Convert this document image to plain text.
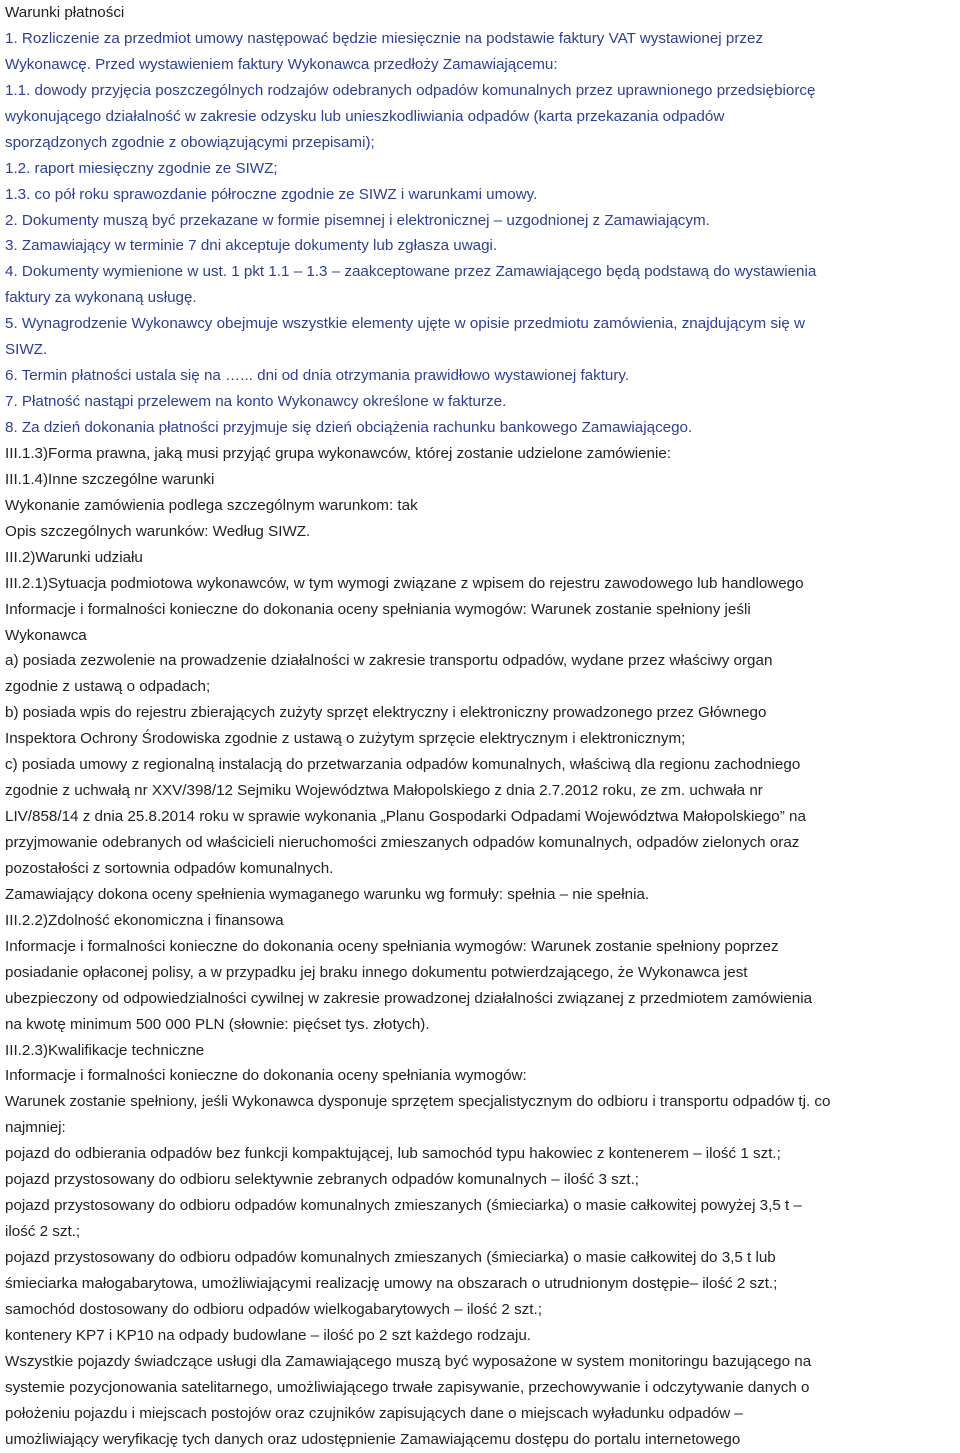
Warunki płatności
1. Rozliczenie za przedmiot umowy następować będzie miesięcznie na podstawie faktury VAT wystawionej przez
Wykonawcę. Przed wystawieniem faktury Wykonawca przedłoży Zamawiającemu:
1.1. dowody przyjęcia poszczególnych rodzajów odebranych odpadów komunalnych przez uprawnionego przedsiębiorcę
wykonującego działalność w zakresie odzysku lub unieszkodliwiania odpadów (karta przekazania odpadów
sporządzonych zgodnie z obowiązującymi przepisami);
1.2. raport miesięczny zgodnie ze SIWZ;
1.3. co pół roku sprawozdanie półroczne zgodnie ze SIWZ i warunkami umowy.
2. Dokumenty muszą być przekazane w formie pisemnej i elektronicznej – uzgodnionej z Zamawiającym.
3. Zamawiający w terminie 7 dni akceptuje dokumenty lub zgłasza uwagi.
4. Dokumenty wymienione w ust. 1 pkt 1.1 – 1.3 – zaakceptowane przez Zamawiającego będą podstawą do wystawienia
faktury za wykonaną usługę.
5. Wynagrodzenie Wykonawcy obejmuje wszystkie elementy ujęte w opisie przedmiotu zamówienia, znajdującym się w
SIWZ.
6. Termin płatności ustala się na …... dni od dnia otrzymania prawidłowo wystawionej faktury.
7. Płatność nastąpi przelewem na konto Wykonawcy określone w fakturze.
8. Za dzień dokonania płatności przyjmuje się dzień obciążenia rachunku bankowego Zamawiającego.
III.1.3)Forma prawna, jaką musi przyjąć grupa wykonawców, której zostanie udzielone zamówienie:
III.1.4)Inne szczególne warunki
Wykonanie zamówienia podlega szczególnym warunkom: tak
Opis szczególnych warunków: Według SIWZ.
III.2)Warunki udziału
III.2.1)Sytuacja podmiotowa wykonawców, w tym wymogi związane z wpisem do rejestru zawodowego lub handlowego
Informacje i formalności konieczne do dokonania oceny spełniania wymogów: Warunek zostanie spełniony jeśli
Wykonawca
a) posiada zezwolenie na prowadzenie działalności w zakresie transportu odpadów, wydane przez właściwy organ
zgodnie z ustawą o odpadach;
b) posiada wpis do rejestru zbierających zużyty sprzęt elektryczny i elektroniczny prowadzonego przez Głównego
Inspektora Ochrony Środowiska zgodnie z ustawą o zużytym sprzęcie elektrycznym i elektronicznym;
c) posiada umowy z regionalną instalacją do przetwarzania odpadów komunalnych, właściwą dla regionu zachodniego
zgodnie z uchwałą nr XXV/398/12 Sejmiku Województwa Małopolskiego z dnia 2.7.2012 roku, ze zm. uchwała nr
LIV/858/14 z dnia 25.8.2014 roku w sprawie wykonania „Planu Gospodarki Odpadami Województwa Małopolskiego” na
przyjmowanie odebranych od właścicieli nieruchomości zmieszanych odpadów komunalnych, odpadów zielonych oraz
pozostałości z sortownia odpadów komunalnych.
Zamawiający dokona oceny spełnienia wymaganego warunku wg formuły: spełnia – nie spełnia.
III.2.2)Zdolność ekonomiczna i finansowa
Informacje i formalności konieczne do dokonania oceny spełniania wymogów: Warunek zostanie spełniony poprzez
posiadanie opłaconej polisy, a w przypadku jej braku innego dokumentu potwierdzającego, że Wykonawca jest
ubezpieczony od odpowiedzialności cywilnej w zakresie prowadzonej działalności związanej z przedmiotem zamówienia
na kwotę minimum 500 000 PLN (słownie: pięćset tys. złotych).
III.2.3)Kwalifikacje techniczne
Informacje i formalności konieczne do dokonania oceny spełniania wymogów:
Warunek zostanie spełniony, jeśli Wykonawca dysponuje sprzętem specjalistycznym do odbioru i transportu odpadów tj. co
najmniej:
pojazd do odbierania odpadów bez funkcji kompaktującej, lub samochód typu hakowiec z kontenerem – ilość 1 szt.;
pojazd przystosowany do odbioru selektywnie zebranych odpadów komunalnych – ilość 3 szt.;
pojazd przystosowany do odbioru odpadów komunalnych zmieszanych (śmieciarka) o masie całkowitej powyżej 3,5 t –
ilość 2 szt.;
pojazd przystosowany do odbioru odpadów komunalnych zmieszanych (śmieciarka) o masie całkowitej do 3,5 t lub
śmieciarka małogabarytowa, umożliwiającymi realizację umowy na obszarach o utrudnionym dostępie– ilość 2 szt.;
samochód dostosowany do odbioru odpadów wielkogabarytowych – ilość 2 szt.;
kontenery KP7 i KP10 na odpady budowlane – ilość po 2 szt każdego rodzaju.
Wszystkie pojazdy świadczące usługi dla Zamawiającego muszą być wyposażone w system monitoringu bazującego na
systemie pozycjonowania satelitarnego, umożliwiającego trwałe zapisywanie, przechowywanie i odczytywanie danych o
położeniu pojazdu i miejscach postojów oraz czujników zapisujących dane o miejscach wyładunku odpadów –
umożliwiający weryfikację tych danych oraz udostępnienie Zamawiającemu dostępu do portalu internetowego
